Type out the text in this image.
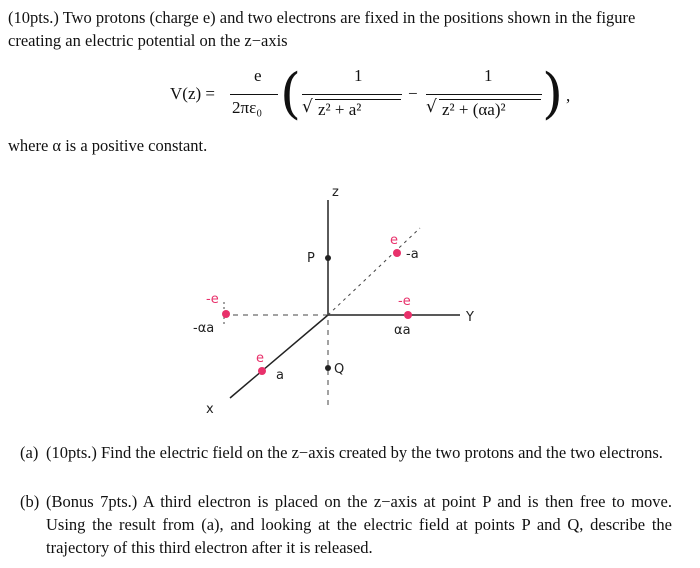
(10pts.) Two protons (charge e) and two electrons are fixed in the positions shown in the figure creating an electric potential on the z−axis
V(z) =
e
2πε₀ (	1
√ z² + a²
−
1
√ z² + (αa)² ) ,
where α is a positive constant.
z
Y
x
P
Q
e
-a
-e
αa
-e
-αa
e
a
(a) (10pts.) Find the electric field on the z−axis created by the two protons and the two electrons.
(b) (Bonus 7pts.) A third electron is placed on the z−axis at point P and is then free to move. Using the result from (a), and looking at the electric field at points P and Q, describe the trajectory of this third electron after it is released.
